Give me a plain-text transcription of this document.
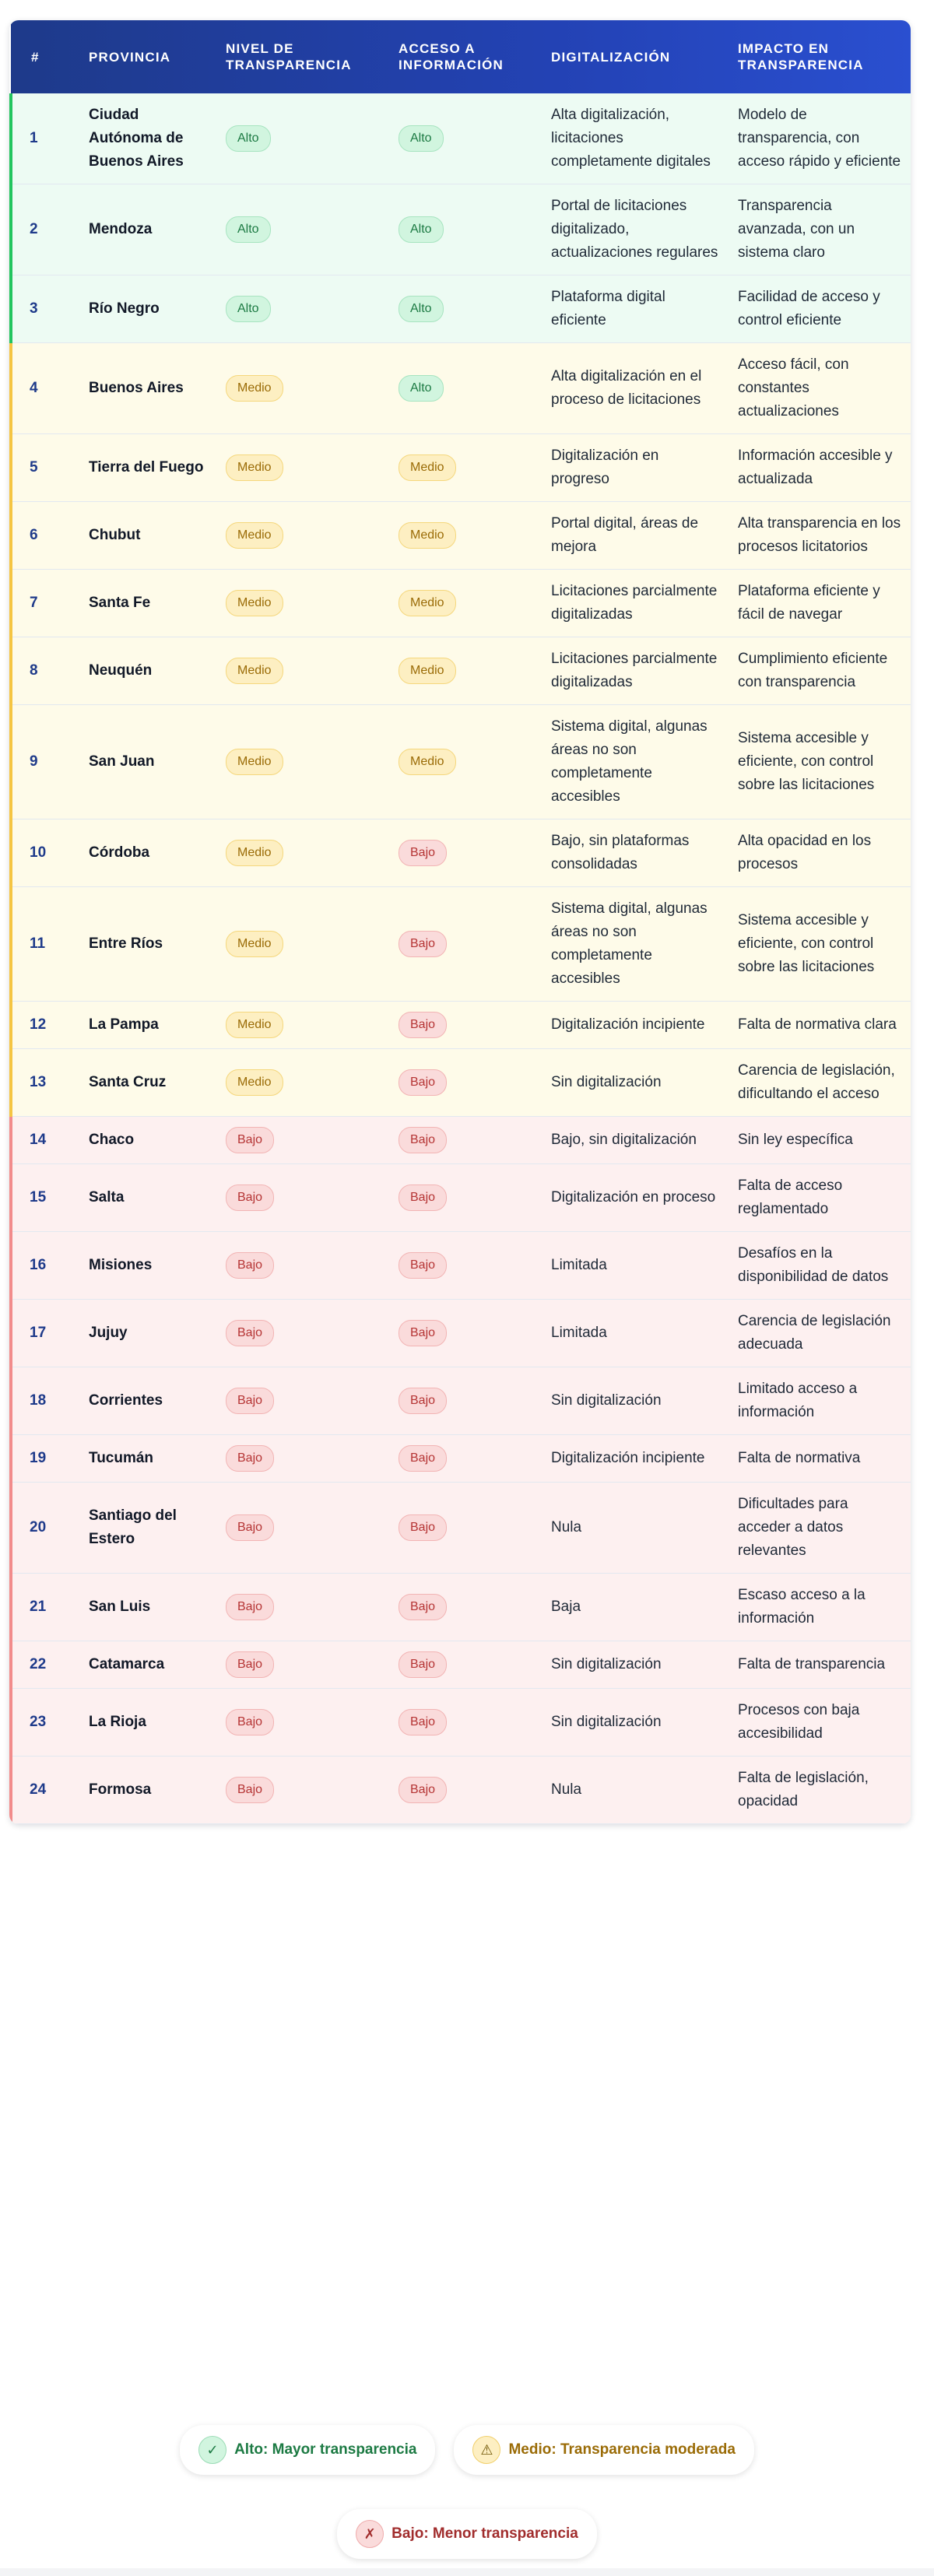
#	PROVINCIA	NIVEL DE TRANSPARENCIA	ACCESO A INFORMACIÓN	DIGITALIZACIÓN	IMPACTO EN TRANSPARENCIA
1	Ciudad Autónoma de Buenos Aires	Alto	Alto	Alta digitalización, licitaciones completamente digitales	Modelo de transparencia, con acceso rápido y eficiente
2	Mendoza	Alto	Alto	Portal de licitaciones digitalizado, actualizaciones regulares	Transparencia avanzada, con un sistema claro
3	Río Negro	Alto	Alto	Plataforma digital eficiente	Facilidad de acceso y control eficiente
4	Buenos Aires	Medio	Alto	Alta digitalización en el proceso de licitaciones	Acceso fácil, con constantes actualizaciones
5	Tierra del Fuego	Medio	Medio	Digitalización en progreso	Información accesible y actualizada
6	Chubut	Medio	Medio	Portal digital, áreas de mejora	Alta transparencia en los procesos licitatorios
7	Santa Fe	Medio	Medio	Licitaciones parcialmente digitalizadas	Plataforma eficiente y fácil de navegar
8	Neuquén	Medio	Medio	Licitaciones parcialmente digitalizadas	Cumplimiento eficiente con transparencia
9	San Juan	Medio	Medio	Sistema digital, algunas áreas no son completamente accesibles	Sistema accesible y eficiente, con control sobre las licitaciones
10	Córdoba	Medio	Bajo	Bajo, sin plataformas consolidadas	Alta opacidad en los procesos
11	Entre Ríos	Medio	Bajo	Sistema digital, algunas áreas no son completamente accesibles	Sistema accesible y eficiente, con control sobre las licitaciones
12	La Pampa	Medio	Bajo	Digitalización incipiente	Falta de normativa clara
13	Santa Cruz	Medio	Bajo	Sin digitalización	Carencia de legislación, dificultando el acceso
14	Chaco	Bajo	Bajo	Bajo, sin digitalización	Sin ley específica
15	Salta	Bajo	Bajo	Digitalización en proceso	Falta de acceso reglamentado
16	Misiones	Bajo	Bajo	Limitada	Desafíos en la disponibilidad de datos
17	Jujuy	Bajo	Bajo	Limitada	Carencia de legislación adecuada
18	Corrientes	Bajo	Bajo	Sin digitalización	Limitado acceso a información
19	Tucumán	Bajo	Bajo	Digitalización incipiente	Falta de normativa
20	Santiago del Estero	Bajo	Bajo	Nula	Dificultades para acceder a datos relevantes
21	San Luis	Bajo	Bajo	Baja	Escaso acceso a la información
22	Catamarca	Bajo	Bajo	Sin digitalización	Falta de transparencia
23	La Rioja	Bajo	Bajo	Sin digitalización	Procesos con baja accesibilidad
24	Formosa	Bajo	Bajo	Nula	Falta de legislación, opacidad
✓	Alto: Mayor transparencia	⚠	Medio: Transparencia moderada
✗	Bajo: Menor transparencia
